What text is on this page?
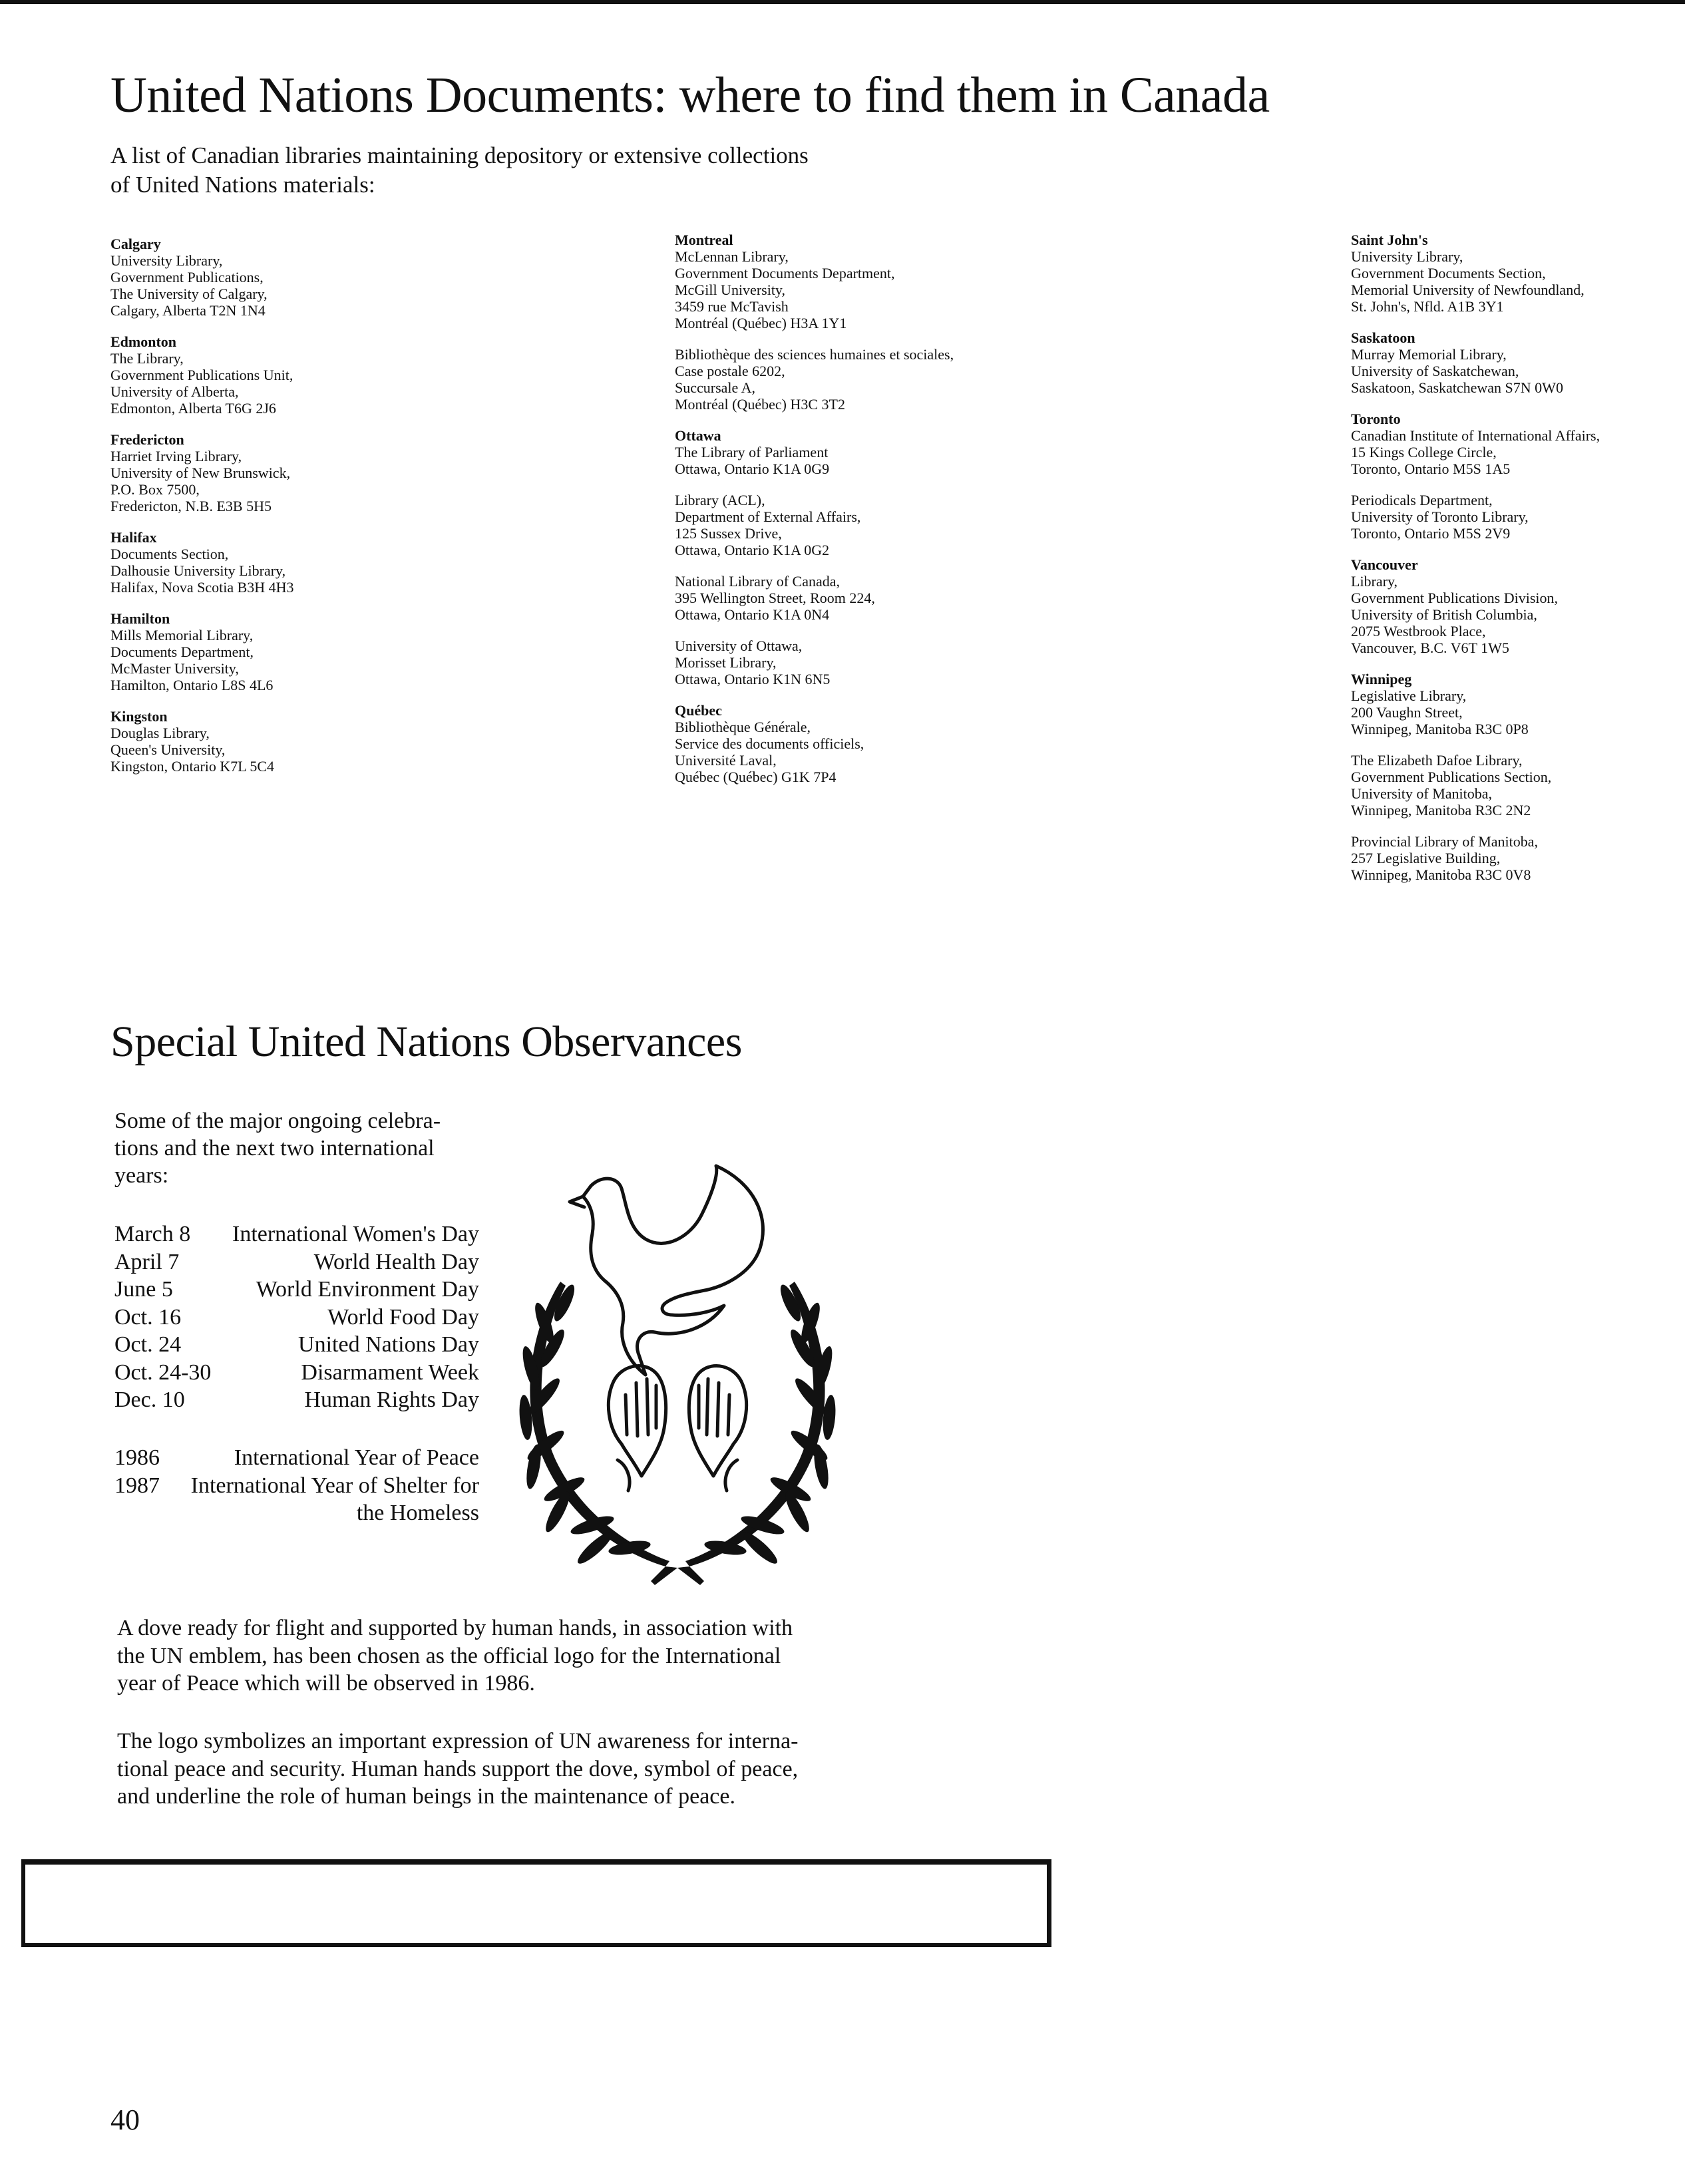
United Nations Documents: where to find them in Canada
A list of Canadian libraries maintaining depository or extensive collections
of United Nations materials:
Calgary
University Library,
Government Publications,
The University of Calgary,
Calgary, Alberta T2N 1N4
Edmonton
The Library,
Government Publications Unit,
University of Alberta,
Edmonton, Alberta T6G 2J6
Fredericton
Harriet Irving Library,
University of New Brunswick,
P.O. Box 7500,
Fredericton, N.B. E3B 5H5
Halifax
Documents Section,
Dalhousie University Library,
Halifax, Nova Scotia B3H 4H3
Hamilton
Mills Memorial Library,
Documents Department,
McMaster University,
Hamilton, Ontario L8S 4L6
Kingston
Douglas Library,
Queen's University,
Kingston, Ontario K7L 5C4
Montreal
McLennan Library,
Government Documents Department,
McGill University,
3459 rue McTavish
Montréal (Québec) H3A 1Y1
Bibliothèque des sciences humaines et sociales,
Case postale 6202,
Succursale A,
Montréal (Québec) H3C 3T2
Ottawa
The Library of Parliament
Ottawa, Ontario K1A 0G9
Library (ACL),
Department of External Affairs,
125 Sussex Drive,
Ottawa, Ontario K1A 0G2
National Library of Canada,
395 Wellington Street, Room 224,
Ottawa, Ontario K1A 0N4
University of Ottawa,
Morisset Library,
Ottawa, Ontario K1N 6N5
Québec
Bibliothèque Générale,
Service des documents officiels,
Université Laval,
Québec (Québec) G1K 7P4
Saint John's
University Library,
Government Documents Section,
Memorial University of Newfoundland,
St. John's, Nfld. A1B 3Y1
Saskatoon
Murray Memorial Library,
University of Saskatchewan,
Saskatoon, Saskatchewan S7N 0W0
Toronto
Canadian Institute of International Affairs,
15 Kings College Circle,
Toronto, Ontario M5S 1A5
Periodicals Department,
University of Toronto Library,
Toronto, Ontario M5S 2V9
Vancouver
Library,
Government Publications Division,
University of British Columbia,
2075 Westbrook Place,
Vancouver, B.C. V6T 1W5
Winnipeg
Legislative Library,
200 Vaughn Street,
Winnipeg, Manitoba R3C 0P8
The Elizabeth Dafoe Library,
Government Publications Section,
University of Manitoba,
Winnipeg, Manitoba R3C 2N2
Provincial Library of Manitoba,
257 Legislative Building,
Winnipeg, Manitoba R3C 0V8
Special United Nations Observances
Some of the major ongoing celebra-
tions and the next two international
years:
March 8 International Women's Day
April 7	World Health Day
June 5	World Environment Day
Oct. 16	World Food Day
Oct. 24	United Nations Day
Oct. 24-30	Disarmament Week
Dec. 10	Human Rights Day
1986	International Year of Peace
1987 International Year of Shelter for
the Homeless
A dove ready for flight and supported by human hands, in association with
the UN emblem, has been chosen as the official logo for the International
year of Peace which will be observed in 1986.
The logo symbolizes an important expression of UN awareness for interna-
tional peace and security. Human hands support the dove, symbol of peace,
and underline the role of human beings in the maintenance of peace.
40
